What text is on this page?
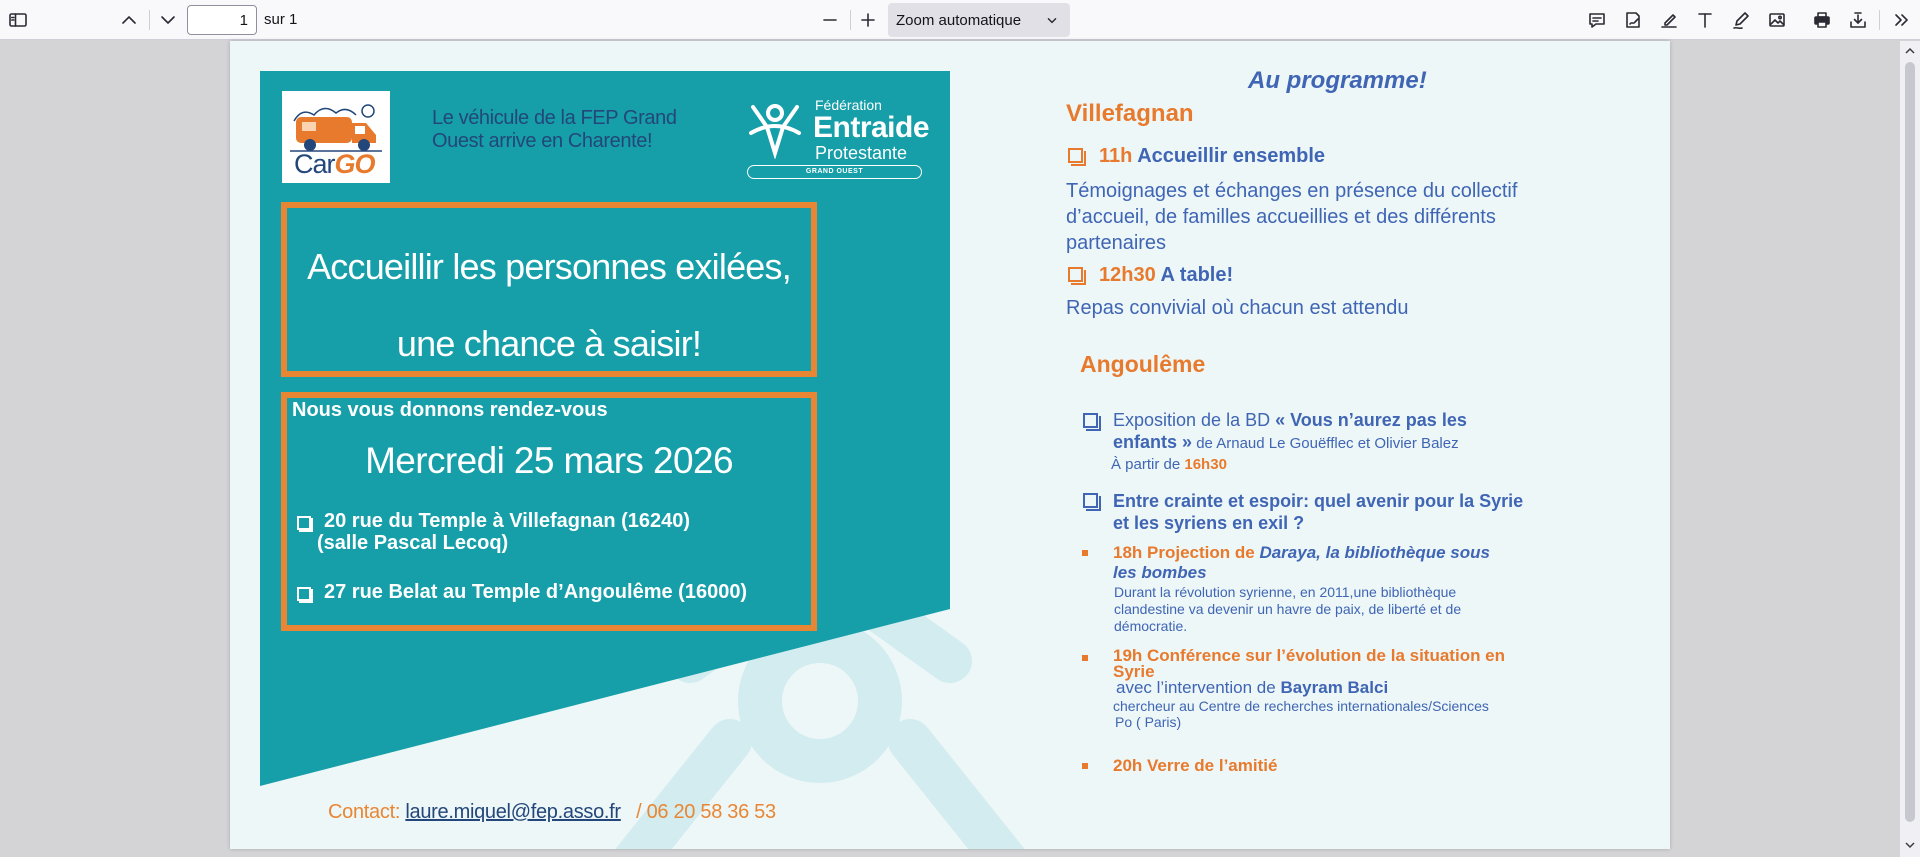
1
sur 1	Zoom automatique
CarGO
Le véhicule de la FEP Grand
Ouest arrive en Charente!
Fédération
Entraide
Protestante
GRAND OUEST
Accueillir les personnes exilées,
une chance à saisir!
Nous vous donnons rendez-vous
Mercredi 25 mars 2026
20 rue du Temple à Villefagnan (16240)
(salle Pascal Lecoq)
27 rue Belat au Temple d’Angoulême (16000)
Contact: laure.miquel@fep.asso.fr / 06 20 58 36 53
Au programme!
Villefagnan
11h Accueillir ensemble
Témoignages et échanges en présence du collectif
d’accueil, de familles accueillies et des différents
partenaires
12h30 A table!
Repas convivial où chacun est attendu
Angoulême
Exposition de la BD « Vous n’aurez pas les
enfants » de Arnaud Le Gouëfflec et Olivier Balez
À partir de 16h30
Entre crainte et espoir: quel avenir pour la Syrie
et les syriens en exil ?
18h Projection de Daraya, la bibliothèque sous
les bombes
Durant la révolution syrienne, en 2011,une bibliothèque
clandestine va devenir un havre de paix, de liberté et de
démocratie.
19h Conférence sur l’évolution de la situation en
Syrie
avec l’intervention de Bayram Balci
chercheur au Centre de recherches internationales/Sciences
Po ( Paris)
20h Verre de l’amitié
